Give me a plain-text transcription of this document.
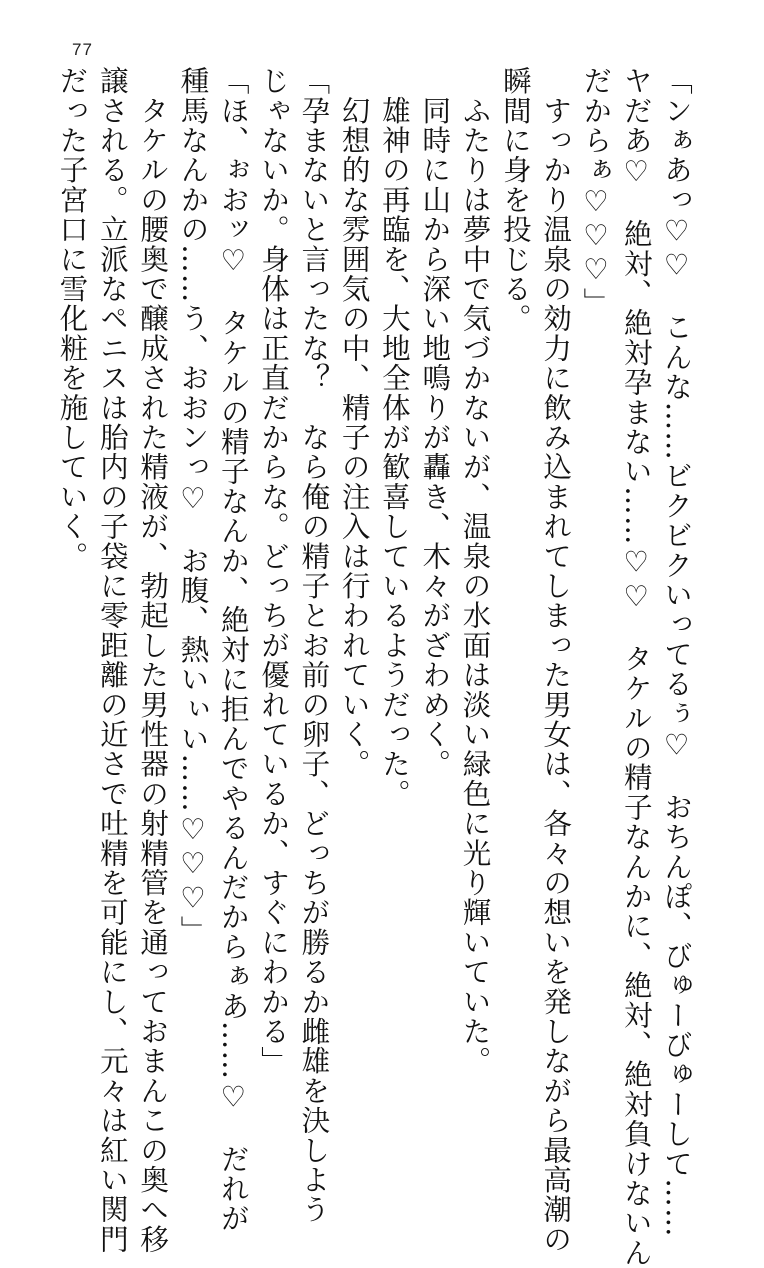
77
「ンぁあっ♡♡　こんな……ビクビクいってるぅ♡　おちんぽ、びゅーびゅーして……
ヤだあ♡　絶対、絶対孕まない……♡♡　タケルの精子なんかに、絶対、絶対負けないん
だからぁ♡♡♡」
　すっかり温泉の効力に飲み込まれてしまった男女は、各々の想いを発しながら最高潮の
瞬間に身を投じる。
　ふたりは夢中で気づかないが、温泉の水面は淡い緑色に光り輝いていた。
　同時に山から深い地鳴りが轟き、木々がざわめく。
　雄神の再臨を、大地全体が歓喜しているようだった。
　幻想的な雰囲気の中、精子の注入は行われていく。
「孕まないと言ったな？　なら俺の精子とお前の卵子、どっちが勝るか雌雄を決しよう
じゃないか。身体は正直だからな。どっちが優れているか、すぐにわかる」
「ほ、ぉおッ♡　タケルの精子なんか、絶対に拒んでやるんだからぁあ……♡　だれが
種馬なんかの……う、おおンっ♡　お腹、熱いぃい……♡♡♡」
　タケルの腰奥で醸成された精液が、勃起した男性器の射精管を通っておまんこの奥へ移
譲される。立派なペニスは胎内の子袋に零距離の近さで吐精を可能にし、元々は紅い関門
だった子宮口に雪化粧を施していく。
